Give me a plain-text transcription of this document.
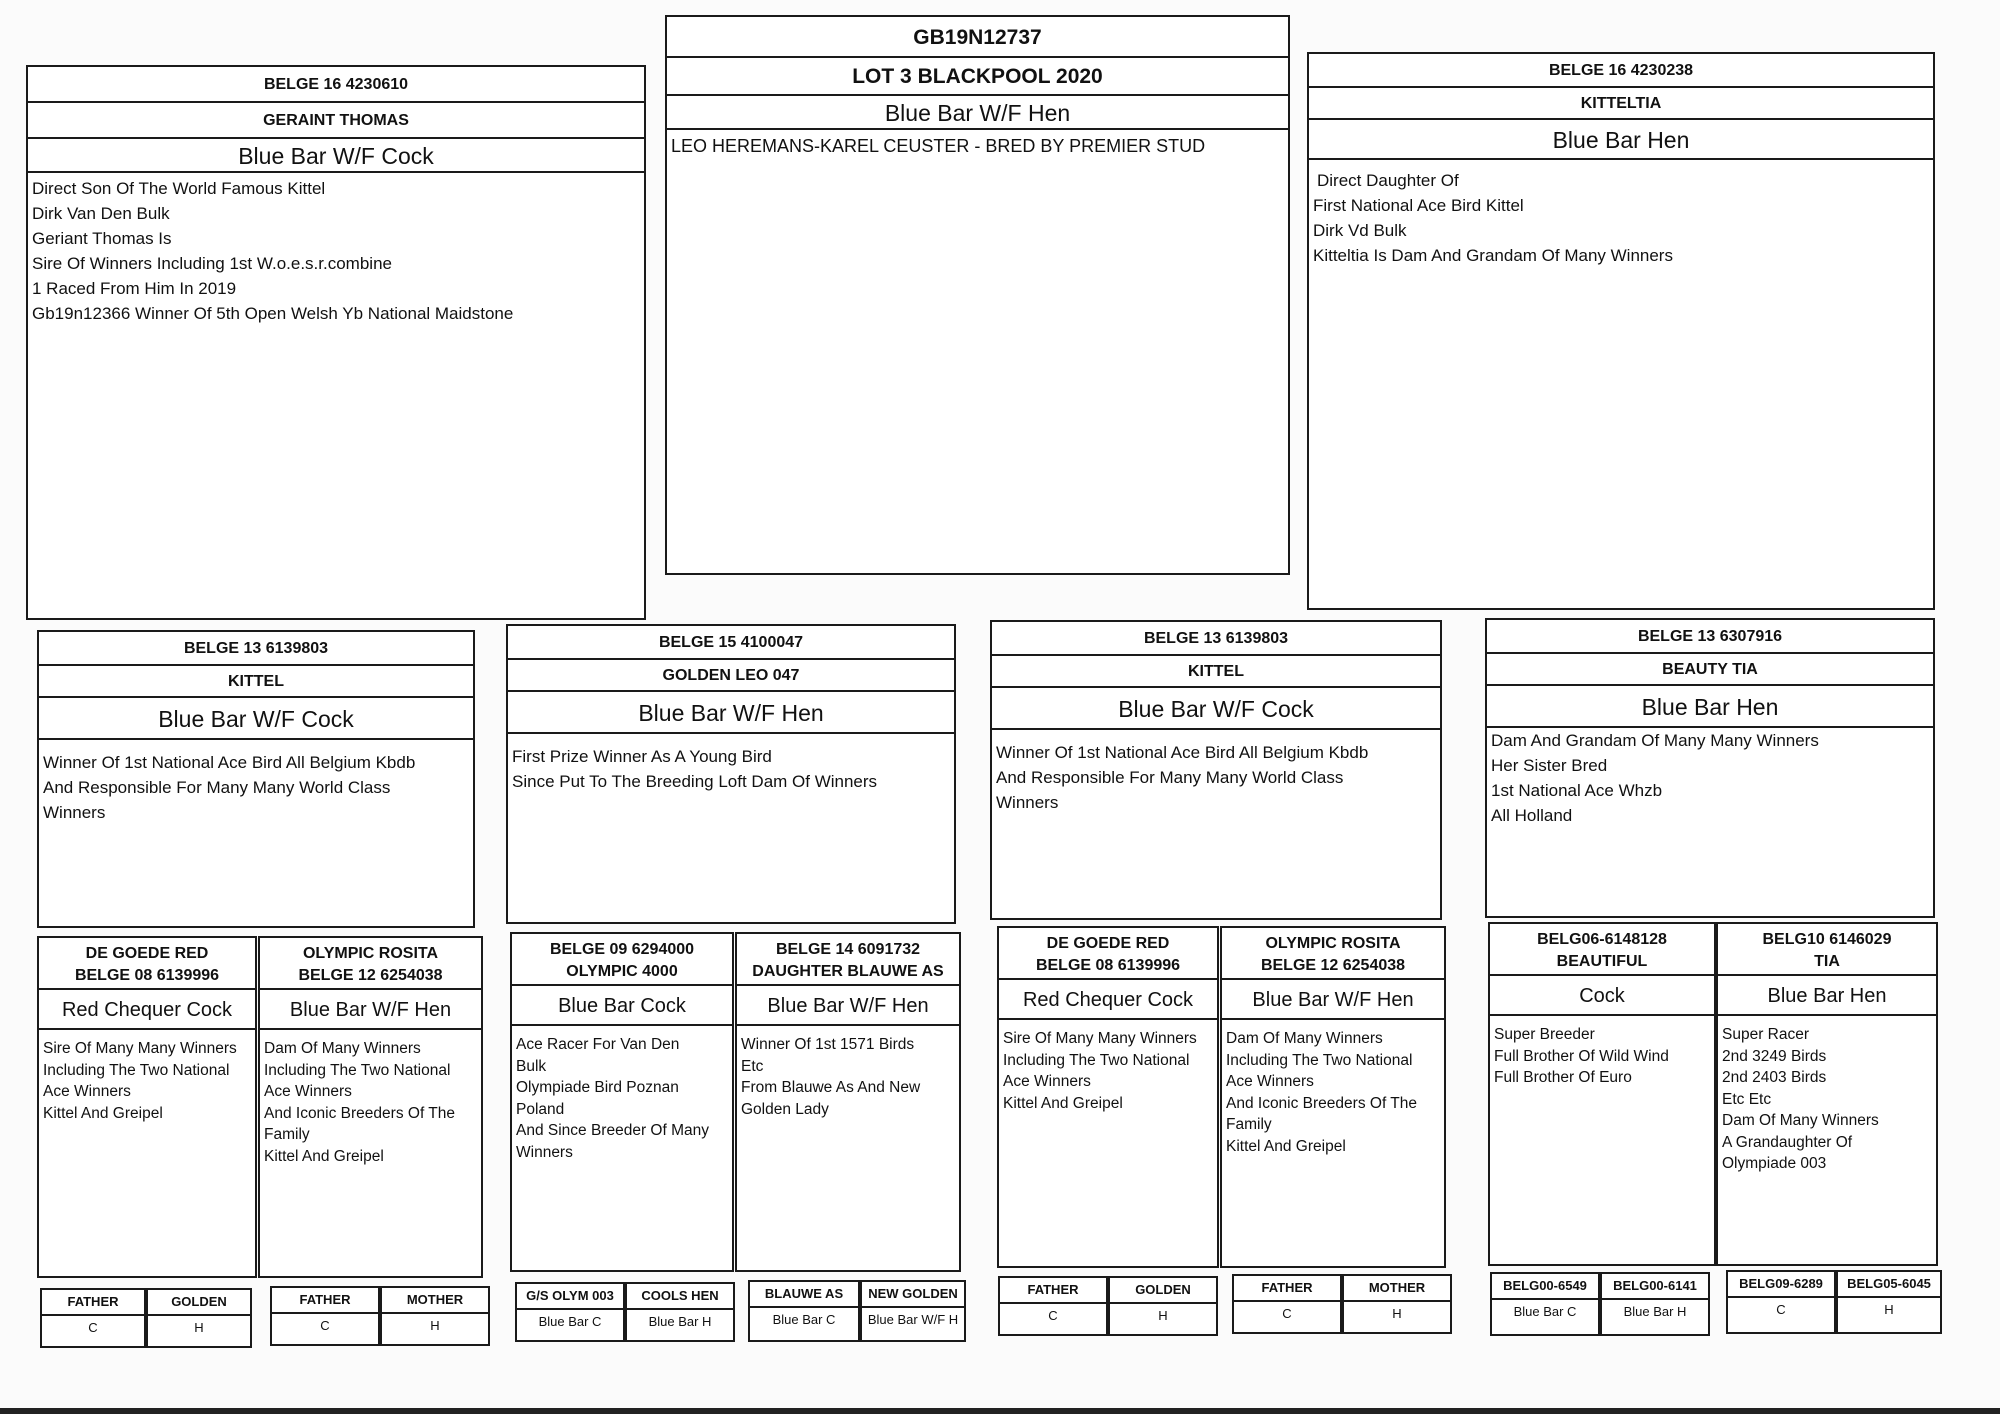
GB19N12737
LOT 3 BLACKPOOL 2020
Blue Bar W/F Hen
LEO HEREMANS-KAREL CEUSTER - BRED BY PREMIER STUD
BELGE 16 4230610
GERAINT THOMAS
Blue Bar W/F Cock
Direct Son Of The World Famous Kittel
Dirk Van Den Bulk
Geriant Thomas Is
Sire Of Winners Including 1st W.o.e.s.r.combine
1 Raced From Him In 2019
Gb19n12366 Winner Of 5th Open Welsh Yb National Maidstone
BELGE 16 4230238
KITTELTIA
Blue Bar Hen
Direct Daughter Of
First National Ace Bird Kittel
Dirk Vd Bulk
Kitteltia Is Dam And Grandam Of Many Winners
BELGE 13 6139803
KITTEL
Blue Bar W/F Cock
Winner Of 1st National Ace Bird All Belgium Kbdb
And Responsible For Many Many World Class
Winners
BELGE 15 4100047
GOLDEN LEO 047
Blue Bar W/F Hen
First Prize Winner As A Young Bird
Since Put To The Breeding Loft Dam Of Winners
BELGE 13 6139803
KITTEL
Blue Bar W/F Cock
Winner Of 1st National Ace Bird All Belgium Kbdb
And Responsible For Many Many World Class
Winners
BELGE 13 6307916
BEAUTY TIA
Blue Bar Hen
Dam And Grandam Of Many Many Winners
Her Sister Bred
1st National Ace Whzb
All Holland
DE GOEDE RED
BELGE 08 6139996
Red Chequer Cock
Sire Of Many Many Winners
Including The Two National
Ace Winners
Kittel And Greipel
OLYMPIC ROSITA
BELGE 12 6254038
Blue Bar W/F Hen
Dam Of Many Winners
Including The Two National
Ace Winners
And Iconic Breeders Of The
Family
Kittel And Greipel
BELGE 09 6294000
OLYMPIC 4000
Blue Bar Cock
Ace Racer For Van Den
Bulk
Olympiade Bird Poznan
Poland
And Since Breeder Of Many
Winners
BELGE 14 6091732
DAUGHTER BLAUWE AS
Blue Bar W/F Hen
Winner Of 1st 1571 Birds
Etc
From Blauwe As And New
Golden Lady
DE GOEDE RED
BELGE 08 6139996
Red Chequer Cock
Sire Of Many Many Winners
Including The Two National
Ace Winners
Kittel And Greipel
OLYMPIC ROSITA
BELGE 12 6254038
Blue Bar W/F Hen
Dam Of Many Winners
Including The Two National
Ace Winners
And Iconic Breeders Of The
Family
Kittel And Greipel
BELG06-6148128
BEAUTIFUL
Cock
Super Breeder
Full Brother Of Wild Wind
Full Brother Of Euro
BELG10 6146029
TIA
Blue Bar Hen
Super Racer
2nd 3249 Birds
2nd 2403 Birds
Etc Etc
Dam Of Many Winners
A Grandaughter Of
Olympiade 003
FATHER
C
GOLDEN
H
FATHER
C
MOTHER
H
G/S OLYM 003
Blue Bar C
COOLS HEN
Blue Bar H
BLAUWE AS
Blue Bar C
NEW GOLDEN
Blue Bar W/F H
FATHER
C
GOLDEN
H
FATHER
C
MOTHER
H
BELG00-6549
Blue Bar C
BELG00-6141
Blue Bar H
BELG09-6289
C
BELG05-6045
H
